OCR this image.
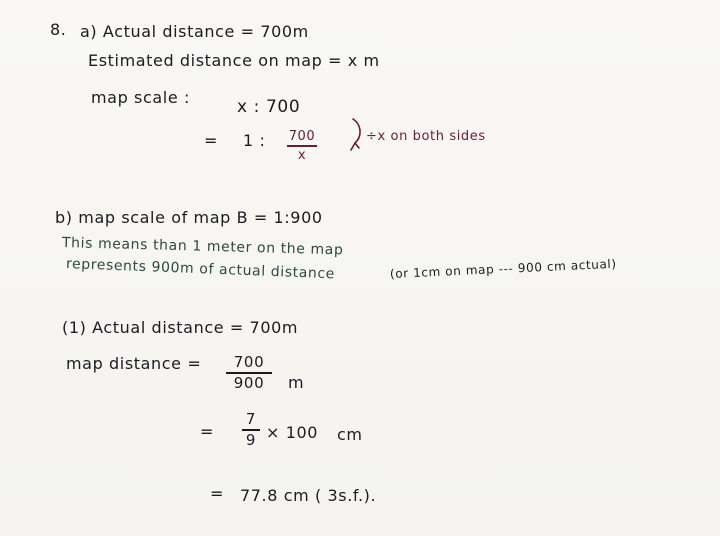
8. a) Actual distance = 700m
Estimated distance on map = x m
map scale :	x : 700
= 1 : 700
x
÷x on both sides
b) map scale of map B = 1:900
This means than 1 meter on the map
represents 900m of actual distance	(or 1cm on map --- 900 cm actual)
(1) Actual distance = 700m
map distance =	700
900	m
=
7
9 × 100 cm
= 77.8 cm ( 3s.f.).
